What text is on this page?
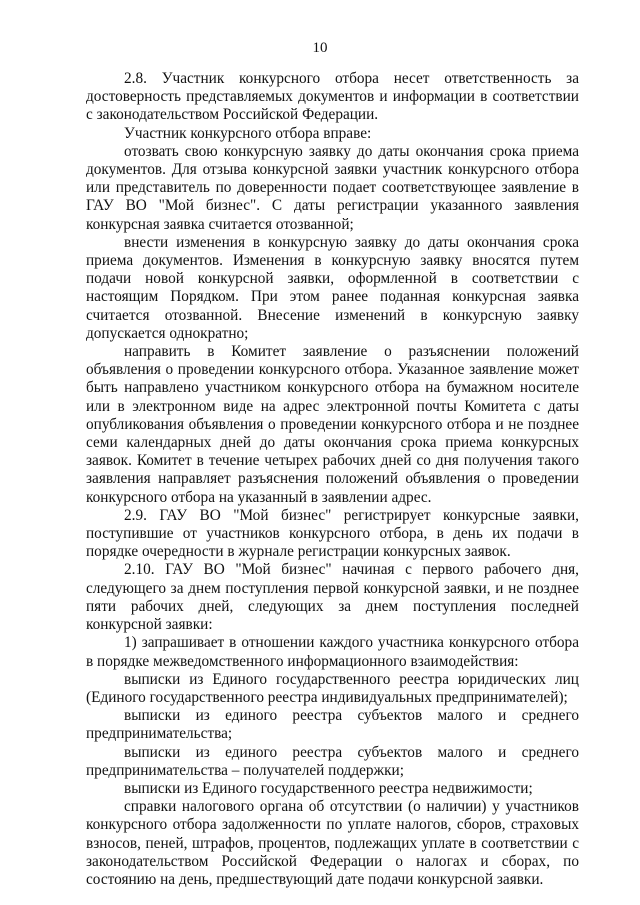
10

2.8. Участник конкурсного отбора несет ответственность за достоверность представляемых документов и информации в соответствии с законодательством Российской Федерации.

Участник конкурсного отбора вправе:

отозвать свою конкурсную заявку до даты окончания срока приема документов. Для отзыва конкурсной заявки участник конкурсного отбора или представитель по доверенности подает соответствующее заявление в ГАУ ВО "Мой бизнес". С даты регистрации указанного заявления конкурсная заявка считается отозванной;

внести изменения в конкурсную заявку до даты окончания срока приема документов. Изменения в конкурсную заявку вносятся путем подачи новой конкурсной заявки, оформленной в соответствии с настоящим Порядком. При этом ранее поданная конкурсная заявка считается отозванной. Внесение изменений в конкурсную заявку допускается однократно;

направить в Комитет заявление о разъяснении положений объявления о проведении конкурсного отбора. Указанное заявление может быть направлено участником конкурсного отбора на бумажном носителе или в электронном виде на адрес электронной почты Комитета с даты опубликования объявления о проведении конкурсного отбора и не позднее семи календарных дней до даты окончания срока приема конкурсных заявок. Комитет в течение четырех рабочих дней со дня получения такого заявления направляет разъяснения положений объявления о проведении конкурсного отбора на указанный в заявлении адрес.

2.9. ГАУ ВО "Мой бизнес" регистрирует конкурсные заявки, поступившие от участников конкурсного отбора, в день их подачи в порядке очередности в журнале регистрации конкурсных заявок.

2.10. ГАУ ВО "Мой бизнес" начиная с первого рабочего дня, следующего за днем поступления первой конкурсной заявки, и не позднее пяти рабочих дней, следующих за днем поступления последней конкурсной заявки:

1) запрашивает в отношении каждого участника конкурсного отбора в порядке межведомственного информационного взаимодействия:

выписки из Единого государственного реестра юридических лиц (Единого государственного реестра индивидуальных предпринимателей);

выписки из единого реестра субъектов малого и среднего предпринимательства;

выписки из единого реестра субъектов малого и среднего предпринимательства – получателей поддержки;

выписки из Единого государственного реестра недвижимости;

справки налогового органа об отсутствии (о наличии) у участников конкурсного отбора задолженности по уплате налогов, сборов, страховых взносов, пеней, штрафов, процентов, подлежащих уплате в соответствии с законодательством Российской Федерации о налогах и сборах, по состоянию на день, предшествующий дате подачи конкурсной заявки.
